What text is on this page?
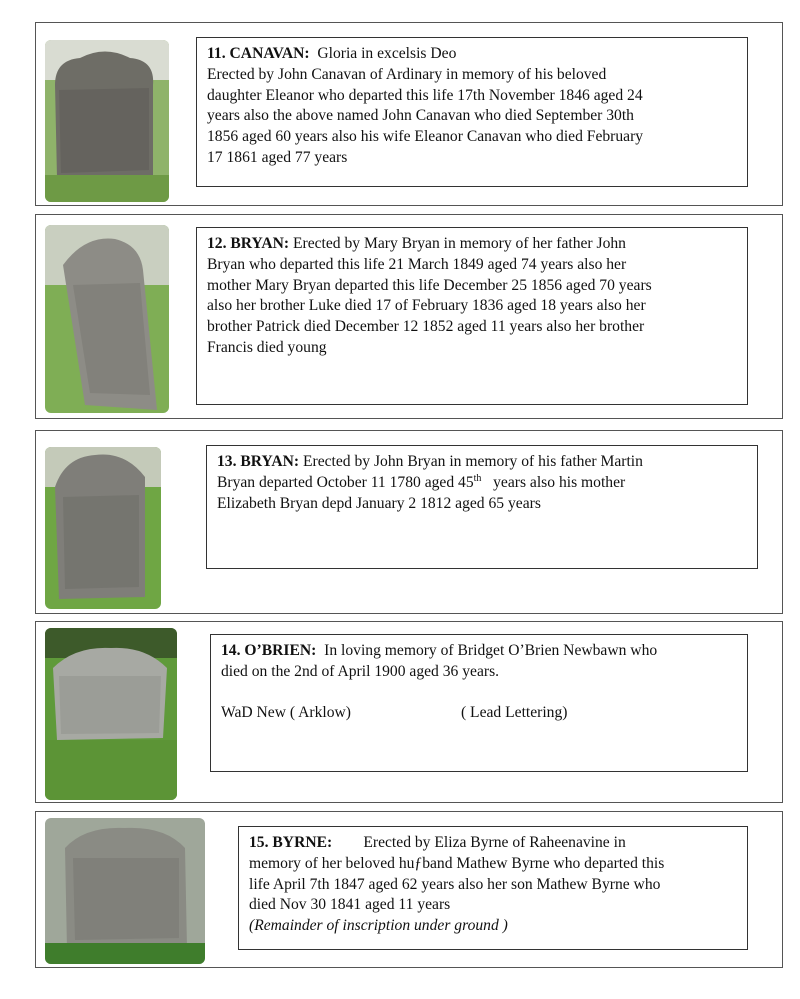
11. CANAVAN: Gloria in excelsis Deo
Erected by John Canavan of Ardinary in memory of his beloved
daughter Eleanor who departed this life 17th November 1846 aged 24
years also the above named John Canavan who died September 30th
1856 aged 60 years also his wife Eleanor Canavan who died February
17 1861 aged 77 years
12. BRYAN: Erected by Mary Bryan in memory of her father John
Bryan who departed this life 21 March 1849 aged 74 years also her
mother Mary Bryan departed this life December 25 1856 aged 70 years
also her brother Luke died 17 of February 1836 aged 18 years also her
brother Patrick died December 12 1852 aged 11 years also her brother
Francis died young
13. BRYAN: Erected by John Bryan in memory of his father Martin
Bryan departed October 11 1780 aged 45th years also his mother
Elizabeth Bryan depd January 2 1812 aged 65 years
14. O’BRIEN: In loving memory of Bridget O’Brien Newbawn who
died on the 2nd of April 1900 aged 36 years.
WaD New ( Arklow)	( Lead Lettering)
15. BYRNE: Erected by Eliza Byrne of Raheenavine in
memory of her beloved huƒband Mathew Byrne who departed this
life April 7th 1847 aged 62 years also her son Mathew Byrne who
died Nov 30 1841 aged 11 years
(Remainder of inscription under ground )
